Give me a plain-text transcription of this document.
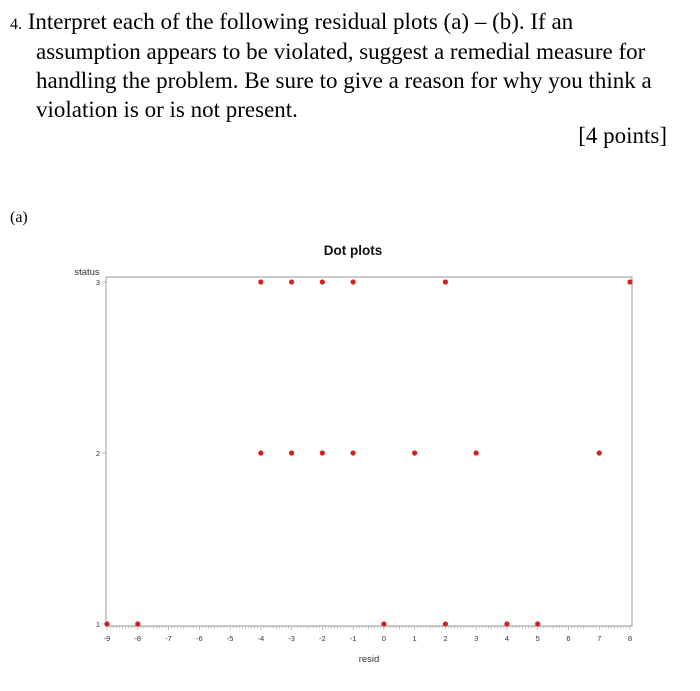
4. Interpret each of the following residual plots (a) – (b). If an
assumption appears to be violated, suggest a remedial measure for
handling the problem. Be sure to give a reason for why you think a
violation is or is not present.
[4 points]
(a)
Dot plots
status
-9	-8	-7	-6	-5	-4	-3	-2	-1	0	1	2	3	4	5	6	7	8
1
2
3
resid
